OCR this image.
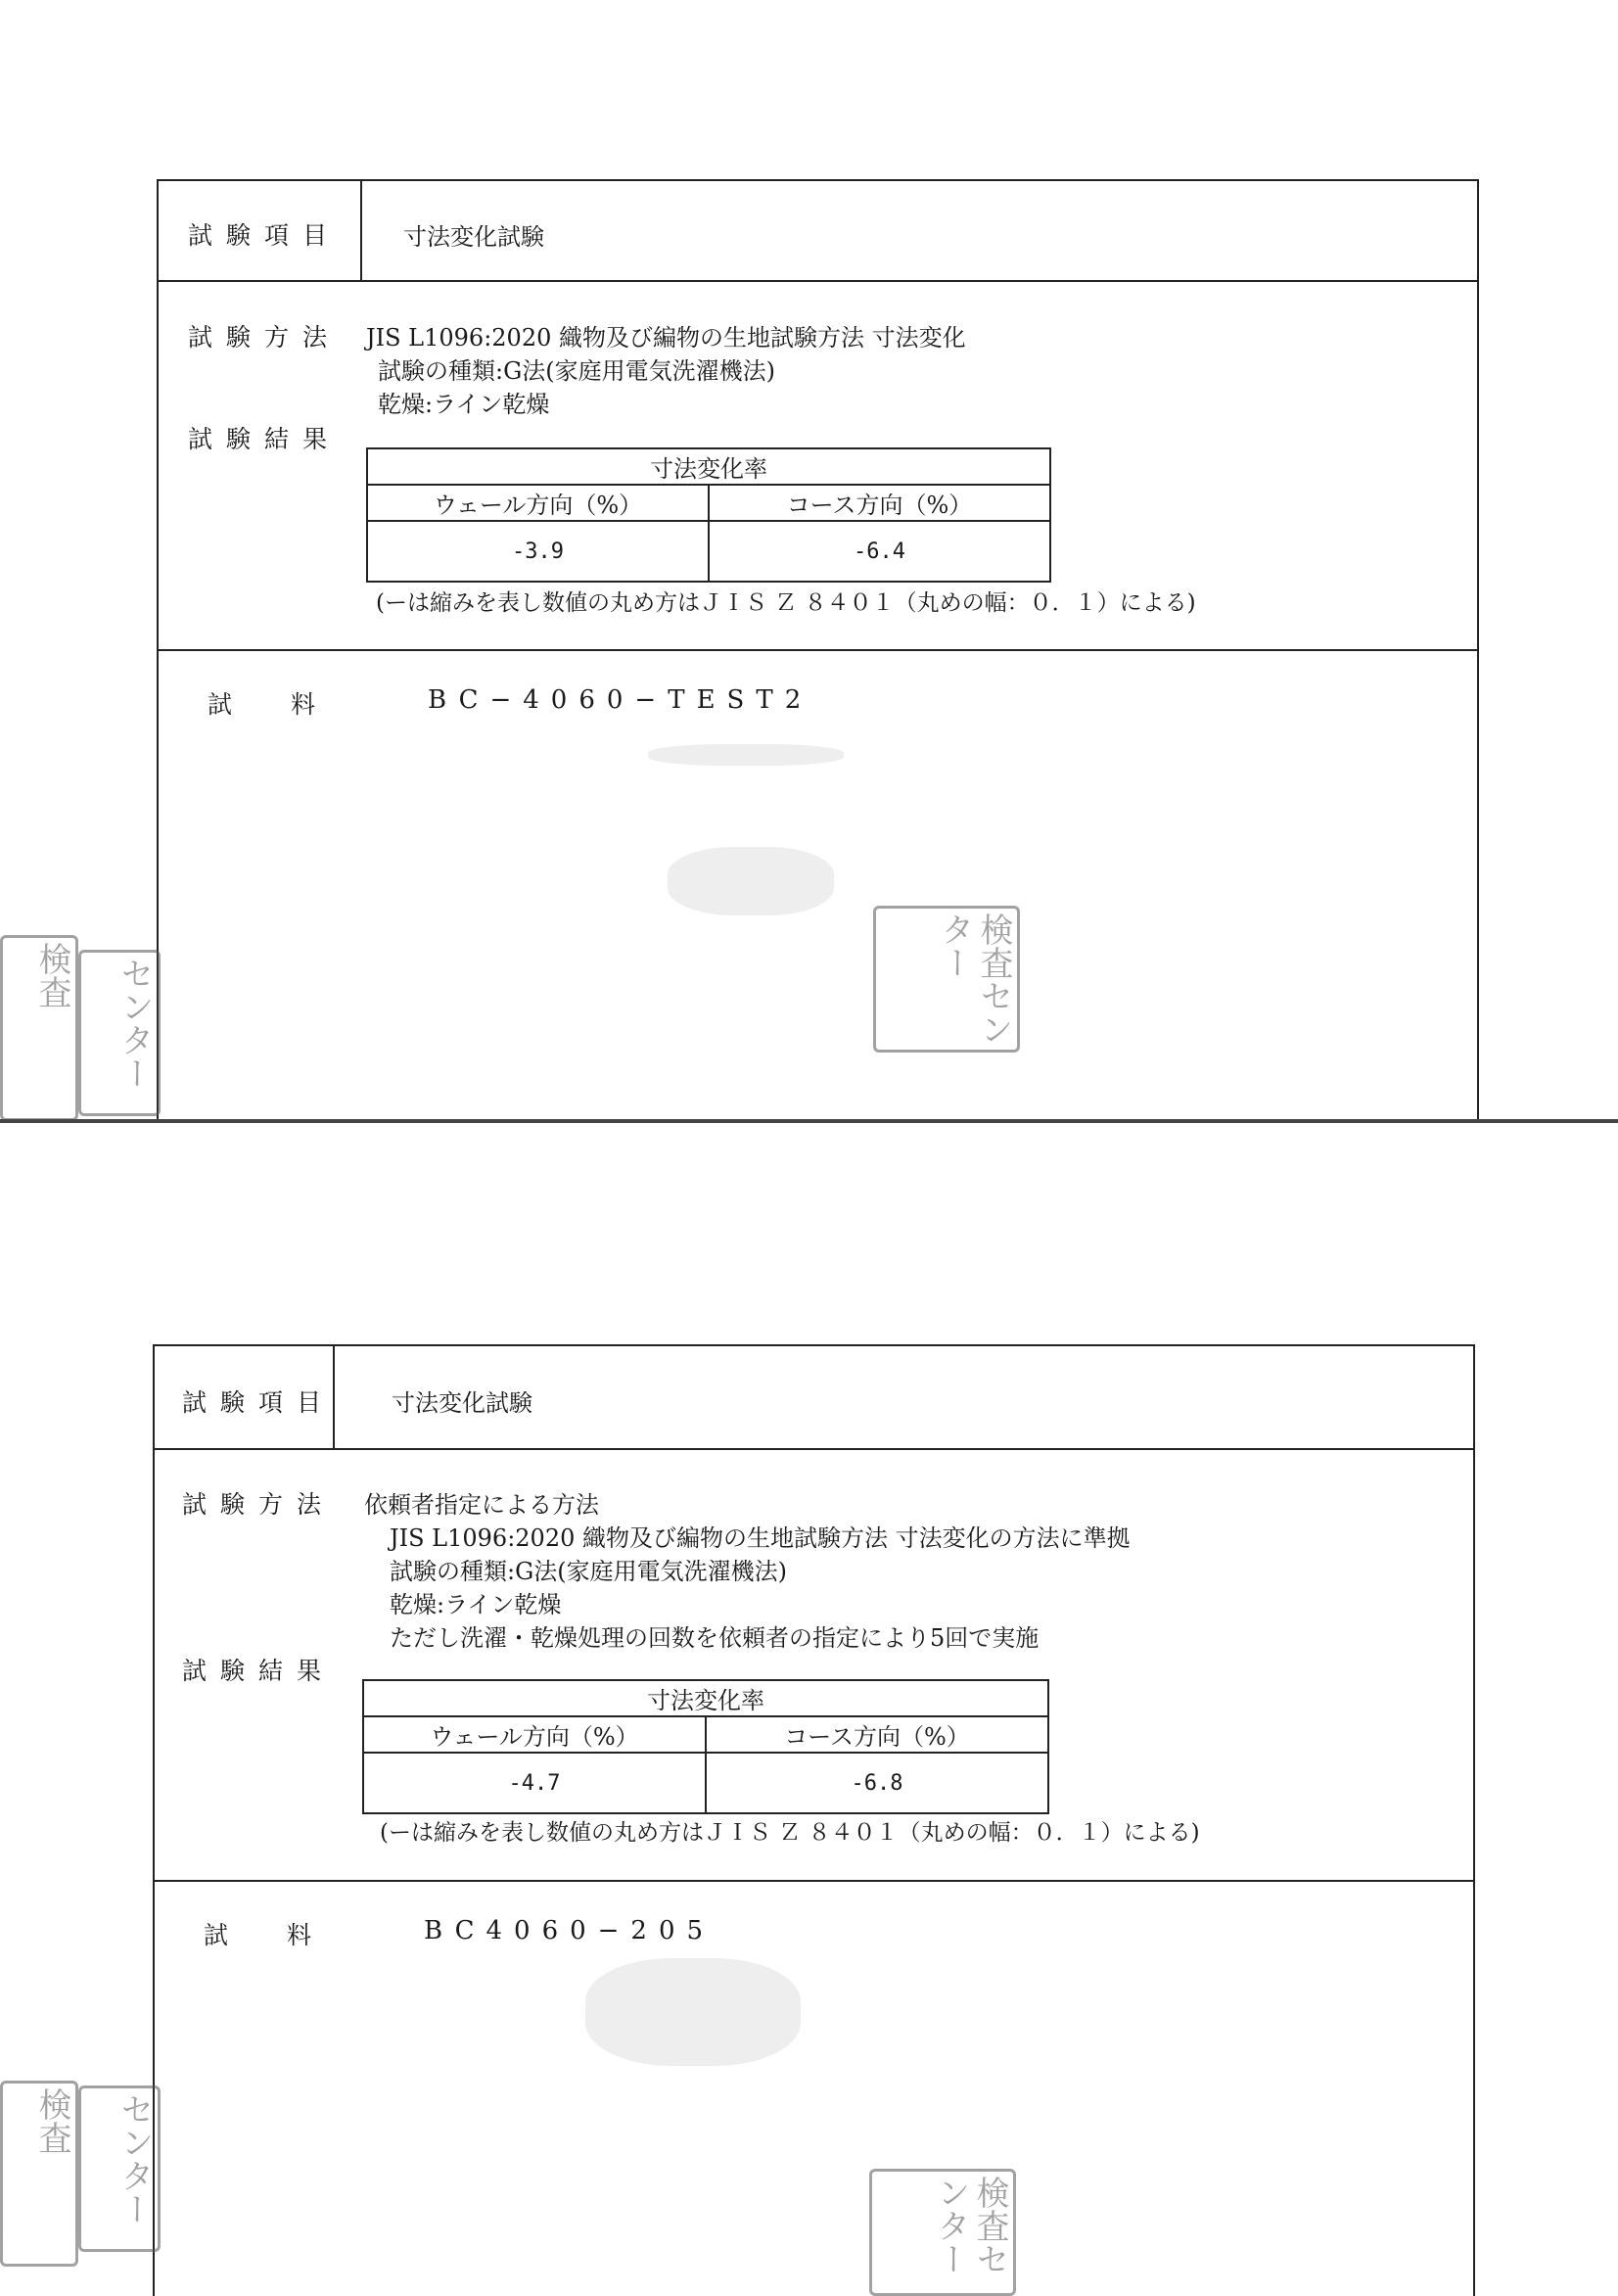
試験項目	寸法変化試験
試験方法 JIS L1096:2020 織物及び編物の生地試験方法 寸法変化
試験の種類:G法(家庭用電気洗濯機法)
乾燥:ライン乾燥
試験結果
寸法変化率	
ウェール方向（%）	コース方向（%）
-3.9	-6.4
(ーは縮みを表し数値の丸め方はＪＩＳ Ｚ ８４０１（丸めの幅：０．１）による)
試料 BC−4060−TEST2
検査センター
検査	センター
試験項目 寸法変化試験
試験方法 依頼者指定による方法
JIS L1096:2020 織物及び編物の生地試験方法 寸法変化の方法に準拠
試験の種類:G法(家庭用電気洗濯機法)
乾燥:ライン乾燥
ただし洗濯・乾燥処理の回数を依頼者の指定により5回で実施
試験結果
寸法変化率	
ウェール方向（%）	コース方向（%）
-4.7	-6.8
(ーは縮みを表し数値の丸め方はＪＩＳ Ｚ ８４０１（丸めの幅：０．１）による)
試料 BC4060−205
検査センター
検査	センター
